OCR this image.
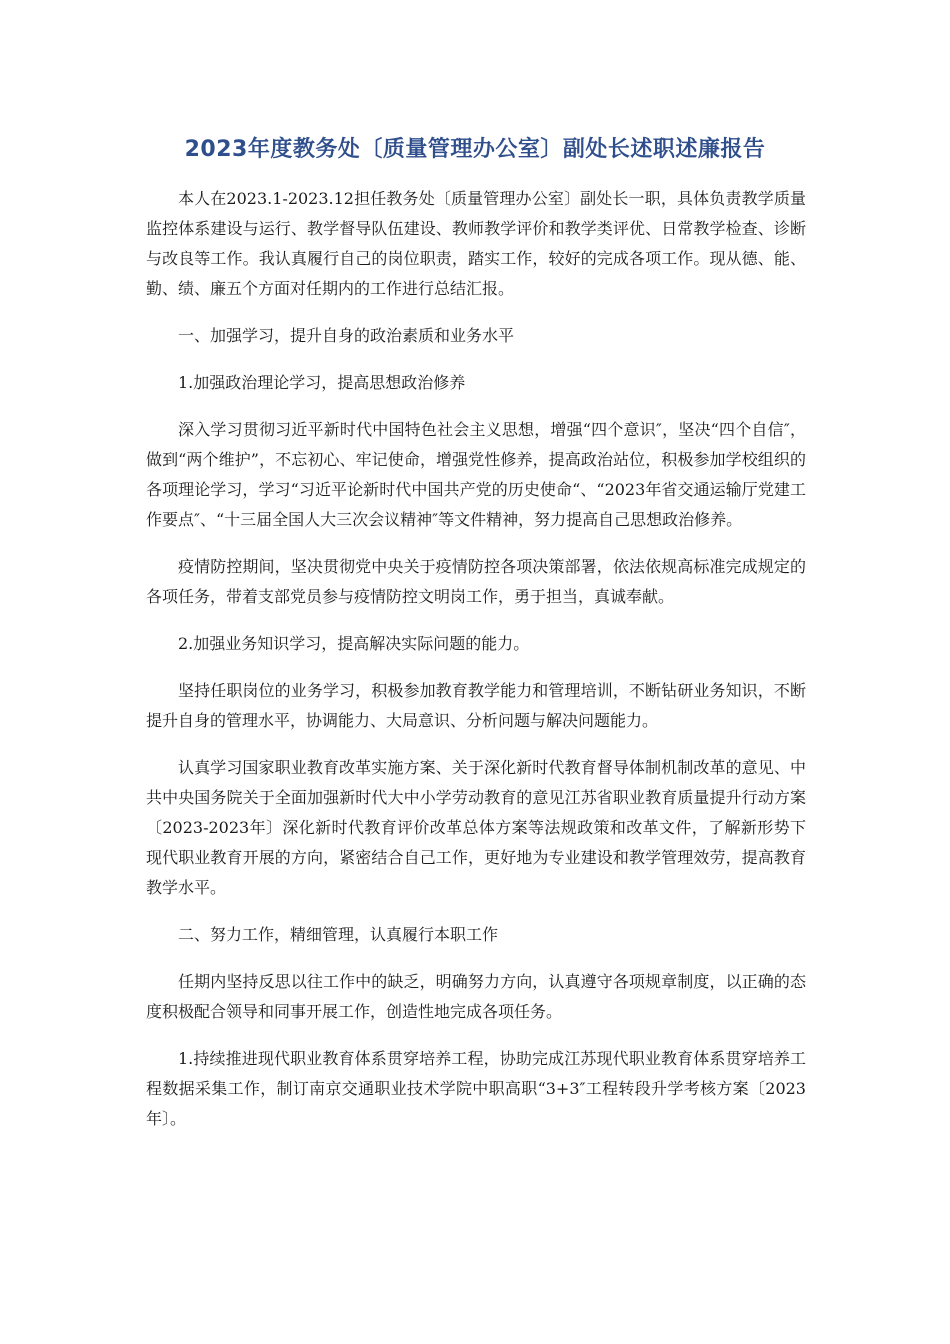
2023年度教务处〔质量管理办公室〕副处长述职述廉报告

本人在2023.1-2023.12担任教务处〔质量管理办公室〕副处长一职，具体负责教学质量监控体系建设与运行、教学督导队伍建设、教师教学评价和教学类评优、日常教学检查、诊断与改良等工作。我认真履行自己的岗位职责，踏实工作，较好的完成各项工作。现从德、能、勤、绩、廉五个方面对任期内的工作进行总结汇报。

一、加强学习，提升自身的政治素质和业务水平

1.加强政治理论学习，提高思想政治修养

深入学习贯彻习近平新时代中国特色社会主义思想，增强“四个意识″，坚决“四个自信″，做到“两个维护”，不忘初心、牢记使命，增强党性修养，提高政治站位，积极参加学校组织的各项理论学习，学习“习近平论新时代中国共产党的历史使命“、“2023年省交通运输厅党建工作要点″、“十三届全国人大三次会议精神″等文件精神，努力提高自己思想政治修养。

疫情防控期间，坚决贯彻党中央关于疫情防控各项决策部署，依法依规高标准完成规定的各项任务，带着支部党员参与疫情防控文明岗工作，勇于担当，真诚奉献。

2.加强业务知识学习，提高解决实际问题的能力。

坚持任职岗位的业务学习，积极参加教育教学能力和管理培训，不断钻研业务知识，不断提升自身的管理水平，协调能力、大局意识、分析问题与解决问题能力。

认真学习国家职业教育改革实施方案、关于深化新时代教育督导体制机制改革的意见、中共中央国务院关于全面加强新时代大中小学劳动教育的意见江苏省职业教育质量提升行动方案〔2023-2023年〕深化新时代教育评价改革总体方案等法规政策和改革文件，了解新形势下现代职业教育开展的方向，紧密结合自己工作，更好地为专业建设和教学管理效劳，提高教育教学水平。

二、努力工作，精细管理，认真履行本职工作

任期内坚持反思以往工作中的缺乏，明确努力方向，认真遵守各项规章制度，以正确的态度积极配合领导和同事开展工作，创造性地完成各项任务。

1.持续推进现代职业教育体系贯穿培养工程，协助完成江苏现代职业教育体系贯穿培养工程数据采集工作，制订南京交通职业技术学院中职高职“3+3″工程转段升学考核方案〔2023年〕。
